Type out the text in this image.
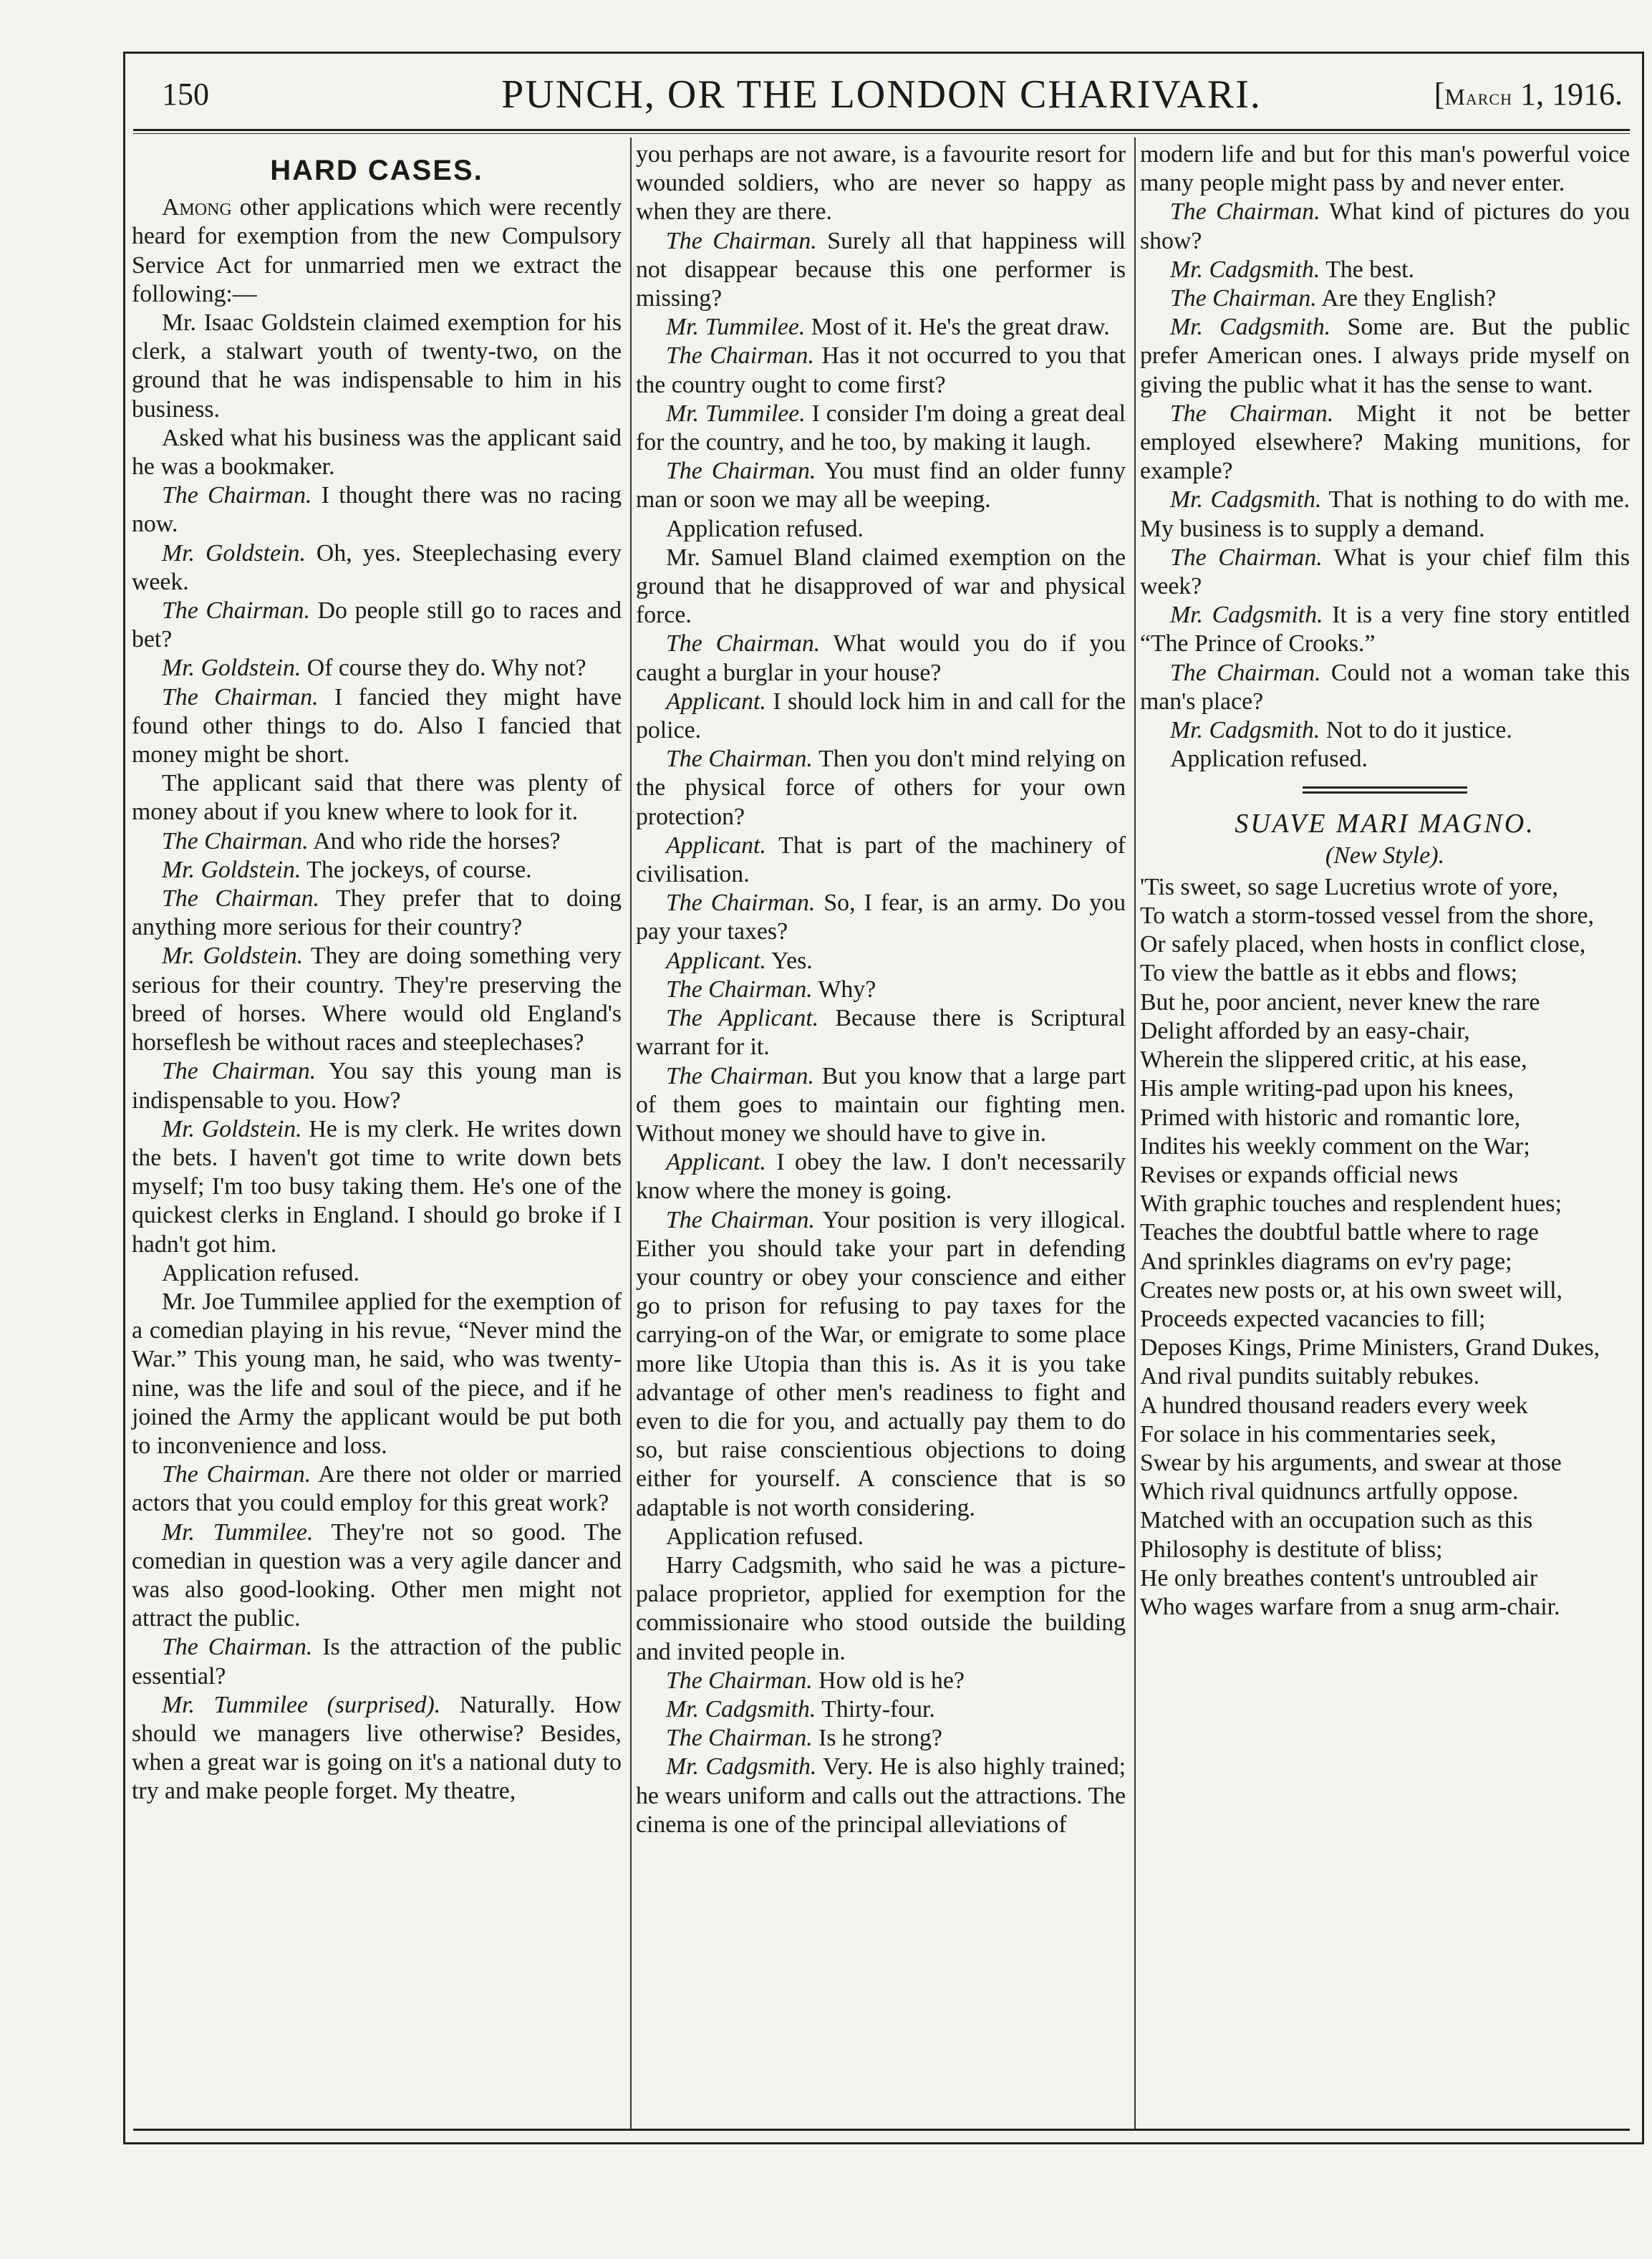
150	PUNCH, OR THE LONDON CHARIVARI.	[March 1, 1916.
HARD CASES.

Among other applications which were recently heard for exemption from the new Compulsory Service Act for unmarried men we extract the following:—

Mr. Isaac Goldstein claimed exemption for his clerk, a stalwart youth of twenty-two, on the ground that he was indispensable to him in his business.

Asked what his business was the applicant said he was a bookmaker.

The Chairman. I thought there was no racing now.

Mr. Goldstein. Oh, yes. Steeplechasing every week.

The Chairman. Do people still go to races and bet?

Mr. Goldstein. Of course they do. Why not?

The Chairman. I fancied they might have found other things to do. Also I fancied that money might be short.

The applicant said that there was plenty of money about if you knew where to look for it.

The Chairman. And who ride the horses?

Mr. Goldstein. The jockeys, of course.

The Chairman. They prefer that to doing anything more serious for their country?

Mr. Goldstein. They are doing something very serious for their country. They're preserving the breed of horses. Where would old England's horseflesh be without races and steeplechases?

The Chairman. You say this young man is indispensable to you. How?

Mr. Goldstein. He is my clerk. He writes down the bets. I haven't got time to write down bets myself; I'm too busy taking them. He's one of the quickest clerks in England. I should go broke if I hadn't got him.

Application refused.

Mr. Joe Tummilee applied for the exemption of a comedian playing in his revue, “Never mind the War.” This young man, he said, who was twenty-nine, was the life and soul of the piece, and if he joined the Army the applicant would be put both to inconvenience and loss.

The Chairman. Are there not older or married actors that you could employ for this great work?

Mr. Tummilee. They're not so good. The comedian in question was a very agile dancer and was also good-looking. Other men might not attract the public.

The Chairman. Is the attraction of the public essential?

Mr. Tummilee (surprised). Naturally. How should we managers live otherwise? Besides, when a great war is going on it's a national duty to try and make people forget. My theatre,

you perhaps are not aware, is a favourite resort for wounded soldiers, who are never so happy as when they are there.

The Chairman. Surely all that happiness will not disappear because this one performer is missing?

Mr. Tummilee. Most of it. He's the great draw.

The Chairman. Has it not occurred to you that the country ought to come first?

Mr. Tummilee. I consider I'm doing a great deal for the country, and he too, by making it laugh.

The Chairman. You must find an older funny man or soon we may all be weeping.

Application refused.

Mr. Samuel Bland claimed exemption on the ground that he disapproved of war and physical force.

The Chairman. What would you do if you caught a burglar in your house?

Applicant. I should lock him in and call for the police.

The Chairman. Then you don't mind relying on the physical force of others for your own protection?

Applicant. That is part of the machinery of civilisation.

The Chairman. So, I fear, is an army. Do you pay your taxes?

Applicant. Yes.

The Chairman. Why?

The Applicant. Because there is Scriptural warrant for it.

The Chairman. But you know that a large part of them goes to maintain our fighting men. Without money we should have to give in.

Applicant. I obey the law. I don't necessarily know where the money is going.

The Chairman. Your position is very illogical. Either you should take your part in defending your country or obey your conscience and either go to prison for refusing to pay taxes for the carrying-on of the War, or emigrate to some place more like Utopia than this is. As it is you take advantage of other men's readiness to fight and even to die for you, and actually pay them to do so, but raise conscientious objections to doing either for yourself. A conscience that is so adaptable is not worth considering.

Application refused.

Harry Cadgsmith, who said he was a picture-palace proprietor, applied for exemption for the commissionaire who stood outside the building and invited people in.

The Chairman. How old is he?

Mr. Cadgsmith. Thirty-four.

The Chairman. Is he strong?

Mr. Cadgsmith. Very. He is also highly trained; he wears uniform and calls out the attractions. The cinema is one of the principal alleviations of

modern life and but for this man's powerful voice many people might pass by and never enter.

The Chairman. What kind of pictures do you show?

Mr. Cadgsmith. The best.

The Chairman. Are they English?

Mr. Cadgsmith. Some are. But the public prefer American ones. I always pride myself on giving the public what it has the sense to want.

The Chairman. Might it not be better employed elsewhere? Making munitions, for example?

Mr. Cadgsmith. That is nothing to do with me. My business is to supply a demand.

The Chairman. What is your chief film this week?

Mr. Cadgsmith. It is a very fine story entitled “The Prince of Crooks.”

The Chairman. Could not a woman take this man's place?

Mr. Cadgsmith. Not to do it justice.

Application refused.

SUAVE MARI MAGNO.
(New Style).
'Tis sweet, so sage Lucretius wrote of yore,
To watch a storm-tossed vessel from the shore,
Or safely placed, when hosts in conflict close,
To view the battle as it ebbs and flows;
But he, poor ancient, never knew the rare
Delight afforded by an easy-chair,
Wherein the slippered critic, at his ease,
His ample writing-pad upon his knees,
Primed with historic and romantic lore,
Indites his weekly comment on the War;
Revises or expands official news
With graphic touches and resplendent hues;
Teaches the doubtful battle where to rage
And sprinkles diagrams on ev'ry page;
Creates new posts or, at his own sweet will,
Proceeds expected vacancies to fill;
Deposes Kings, Prime Ministers, Grand Dukes,
And rival pundits suitably rebukes.
A hundred thousand readers every week
For solace in his commentaries seek,
Swear by his arguments, and swear at those
Which rival quidnuncs artfully oppose.
Matched with an occupation such as this
Philosophy is destitute of bliss;
He only breathes content's untroubled air
Who wages warfare from a snug arm-chair.
